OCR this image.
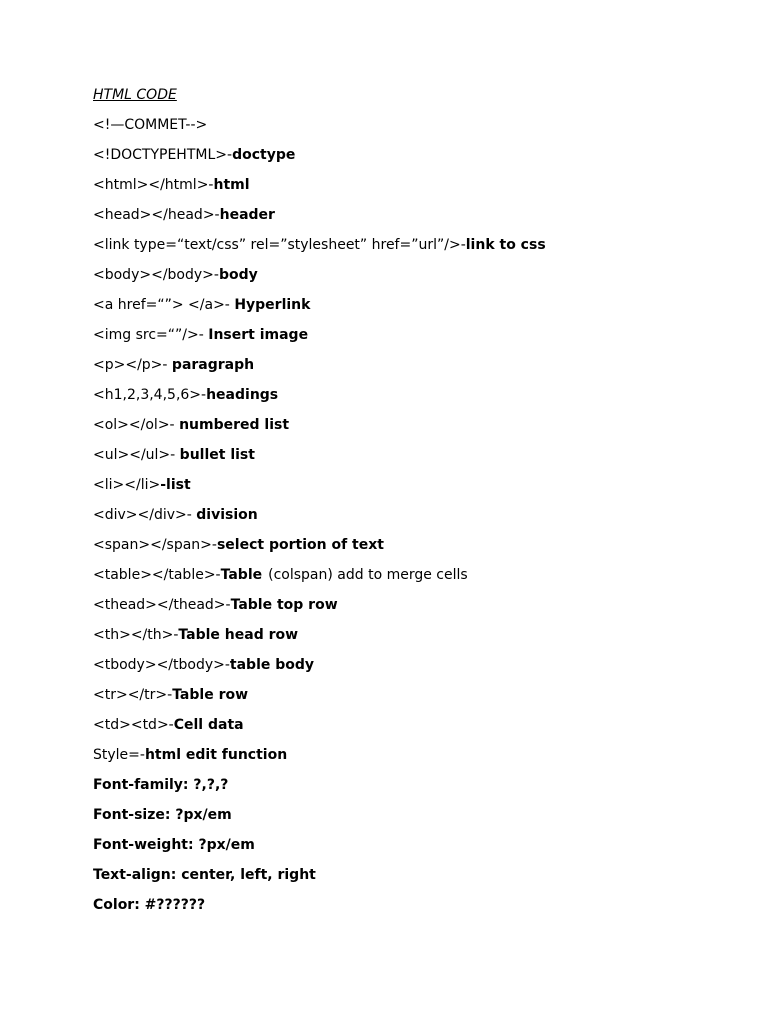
HTML CODE
<!—COMMET-->
<!DOCTYPEHTML>-doctype
<html></html>-html
<head></head>-header
<link type=“text/css” rel=”stylesheet” href=”url”/>-link to css
<body></body>-body
<a href=“”> </a>- Hyperlink
<img src=“”/>- Insert image
<p></p>- paragraph
<h1,2,3,4,5,6>-headings
<ol></ol>- numbered list
<ul></ul>- bullet list
<li></li>-list
<div></div>- division
<span></span>-select portion of text
<table></table>-Table (colspan) add to merge cells
<thead></thead>-Table top row
<th></th>-Table head row
<tbody></tbody>-table body
<tr></tr>-Table row
<td><td>-Cell data
Style=-html edit function
Font-family: ?,?,?
Font-size: ?px/em
Font-weight: ?px/em
Text-align: center, left, right
Color: #??????
